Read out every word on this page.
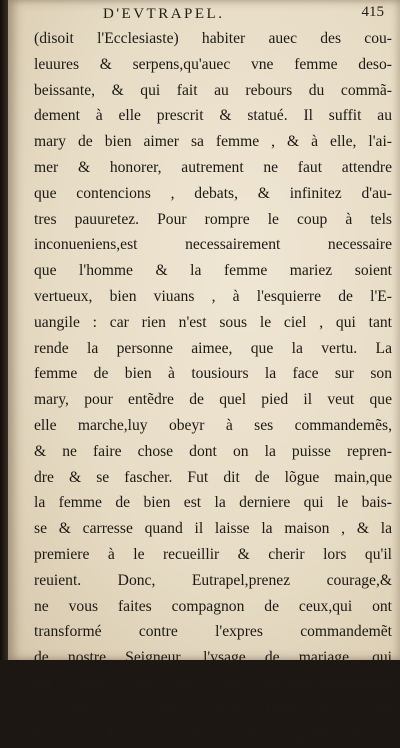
D'EVTRAPEL.	415
(disoit l'Ecclesiaste) habiter auec des cou-
leuures & serpens,qu'auec vne femme deso-
beissante, & qui fait au rebours du commã-
dement à elle prescrit & statué. Il suffit au
mary de bien aimer sa femme , & à elle, l'ai-
mer & honorer, autrement ne faut attendre
que contencions , debats, & infinitez d'au-
tres pauuretez. Pour rompre le coup à tels
inconueniens,est necessairement necessaire
que l'homme & la femme mariez soient
vertueux, bien viuans , à l'esquierre de l'E-
uangile : car rien n'est sous le ciel , qui tant
rende la personne aimee, que la vertu. La
femme de bien à tousiours la face sur son
mary, pour entẽdre de quel pied il veut que
elle marche,luy obeyr à ses commandemẽs,
& ne faire chose dont on la puisse repren-
dre & se fascher. Fut dit de lõgue main,que
la femme de bien est la derniere qui le bais-
se & carresse quand il laisse la maison , & la
premiere à le recueillir & cherir lors qu'il
reuient. Donc, Eutrapel,prenez courage,&
ne vous faites compagnon de ceux,qui ont
transformé contre l'expres commandemẽt
de nostre Seigneur, l'vsage de mariage, qui
est sainct, en vne vie lubrique,abandonnee
à toutes rencontres. Mais, Quel mais? dit
Eutrapel. Ie te le diray, dit Lupolde, il ne
